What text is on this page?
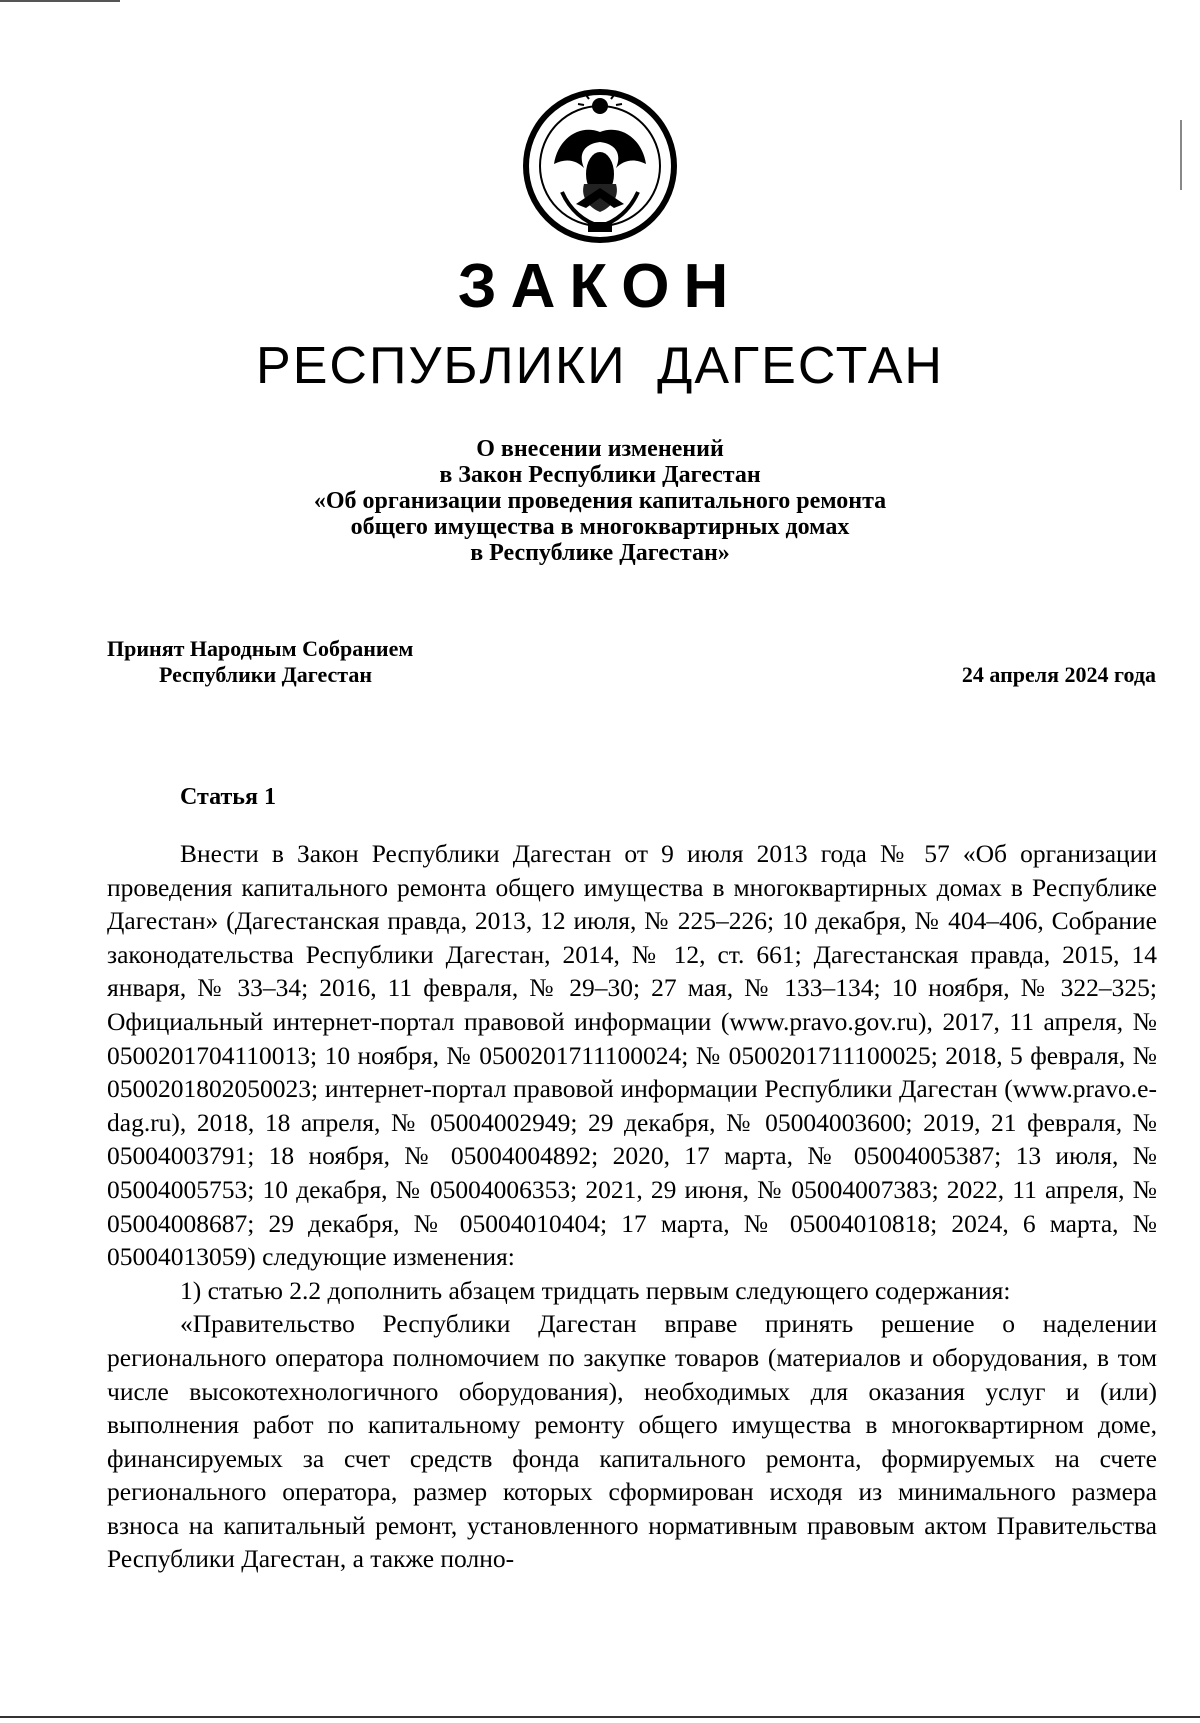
ЗАКОН
РЕСПУБЛИКИ ДАГЕСТАН
О внесении изменений
в Закон Республики Дагестан
«Об организации проведения капитального ремонта
общего имущества в многоквартирных домах
в Республике Дагестан»
Принят Народным Собранием
Республики Дагестан	24 апреля 2024 года
Статья 1

Внести в Закон Республики Дагестан от 9 июля 2013 года № 57 «Об организации проведения капитального ремонта общего имущества в многоквартирных домах в Республике Дагестан» (Дагестанская правда, 2013, 12 июля, № 225–226; 10 декабря, № 404–406, Собрание законодательства Республики Дагестан, 2014, № 12, ст. 661; Дагестанская правда, 2015, 14 января, № 33–34; 2016, 11 февраля, № 29–30; 27 мая, № 133–134; 10 ноября, № 322–325; Официальный интернет-портал правовой информации (www.pravo.gov.ru), 2017, 11 апреля, № 0500201704110013; 10 ноября, № 0500201711100024; № 0500201711100025; 2018, 5 февраля, № 0500201802050023; интернет-портал правовой информации Республики Дагестан (www.pravo.e-dag.ru), 2018, 18 апреля, № 05004002949; 29 декабря, № 05004003600; 2019, 21 февраля, № 05004003791; 18 ноября, № 05004004892; 2020, 17 марта, № 05004005387; 13 июля, № 05004005753; 10 декабря, № 05004006353; 2021, 29 июня, № 05004007383; 2022, 11 апреля, № 05004008687; 29 декабря, № 05004010404; 17 марта, № 05004010818; 2024, 6 марта, № 05004013059) следующие изменения:

1) статью 2.2 дополнить абзацем тридцать первым следующего содержания:

«Правительство Республики Дагестан вправе принять решение о наделении регионального оператора полномочием по закупке товаров (материалов и оборудования, в том числе высокотехнологичного оборудования), необходимых для оказания услуг и (или) выполнения работ по капитальному ремонту общего имущества в многоквартирном доме, финансируемых за счет средств фонда капитального ремонта, формируемых на счете регионального оператора, размер которых сформирован исходя из минимального размера взноса на капитальный ремонт, установленного нормативным правовым актом Правительства Республики Дагестан, а также полно-
